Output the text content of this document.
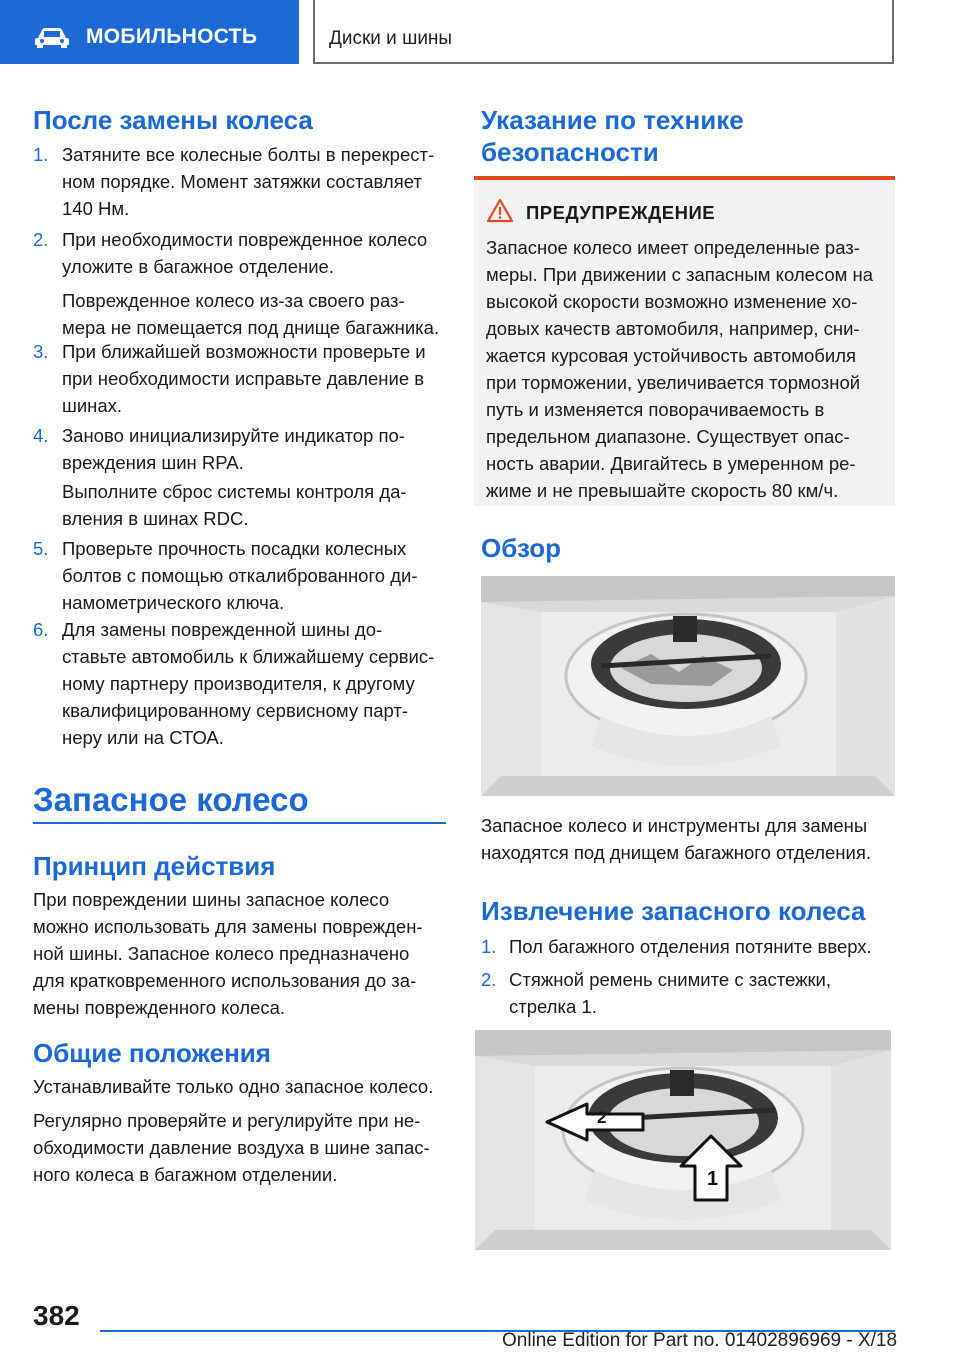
МОБИЛЬНОСТЬ	Диски и шины
После замены колеса
1. Затяните все колесные болты в перекрест-
ном порядке. Момент затяжки составляет
140 Нм.
2. При необходимости поврежденное колесо
уложите в багажное отделение.
Поврежденное колесо из-за своего раз-
мера не помещается под днище багажника.
3. При ближайшей возможности проверьте и
при необходимости исправьте давление в
шинах.
4. Заново инициализируйте индикатор по-
вреждения шин RPA.
Выполните сброс системы контроля да-
вления в шинах RDC.
5. Проверьте прочность посадки колесных
болтов с помощью откалиброванного ди-
намометрического ключа.
6. Для замены поврежденной шины до-
ставьте автомобиль к ближайшему сервис-
ному партнеру производителя, к другому
квалифицированному сервисному парт-
неру или на СТОА.
Запасное колесо
Принцип действия
При повреждении шины запасное колесо
можно использовать для замены поврежден-
ной шины. Запасное колесо предназначено
для кратковременного использования до за-
мены поврежденного колеса.
Общие положения
Устанавливайте только одно запасное колесо.
Регулярно проверяйте и регулируйте при не-
обходимости давление воздуха в шине запас-
ного колеса в багажном отделении.
Указание по технике
безопасности
ПРЕДУПРЕЖДЕНИЕ
Запасное колесо имеет определенные раз-
меры. При движении с запасным колесом на
высокой скорости возможно изменение хо-
довых качеств автомобиля, например, сни-
жается курсовая устойчивость автомобиля
при торможении, увеличивается тормозной
путь и изменяется поворачиваемость в
предельном диапазоне. Существует опас-
ность аварии. Двигайтесь в умеренном ре-
жиме и не превышайте скорость 80 км/ч.
Обзор
Запасное колесо и инструменты для замены
находятся под днищем багажного отделения.
Извлечение запасного колеса
1. Пол багажного отделения потяните вверх.
2. Стяжной ремень снимите с застежки,
стрелка 1.
2
1
382
Online Edition for Part no. 01402896969 - X/18
